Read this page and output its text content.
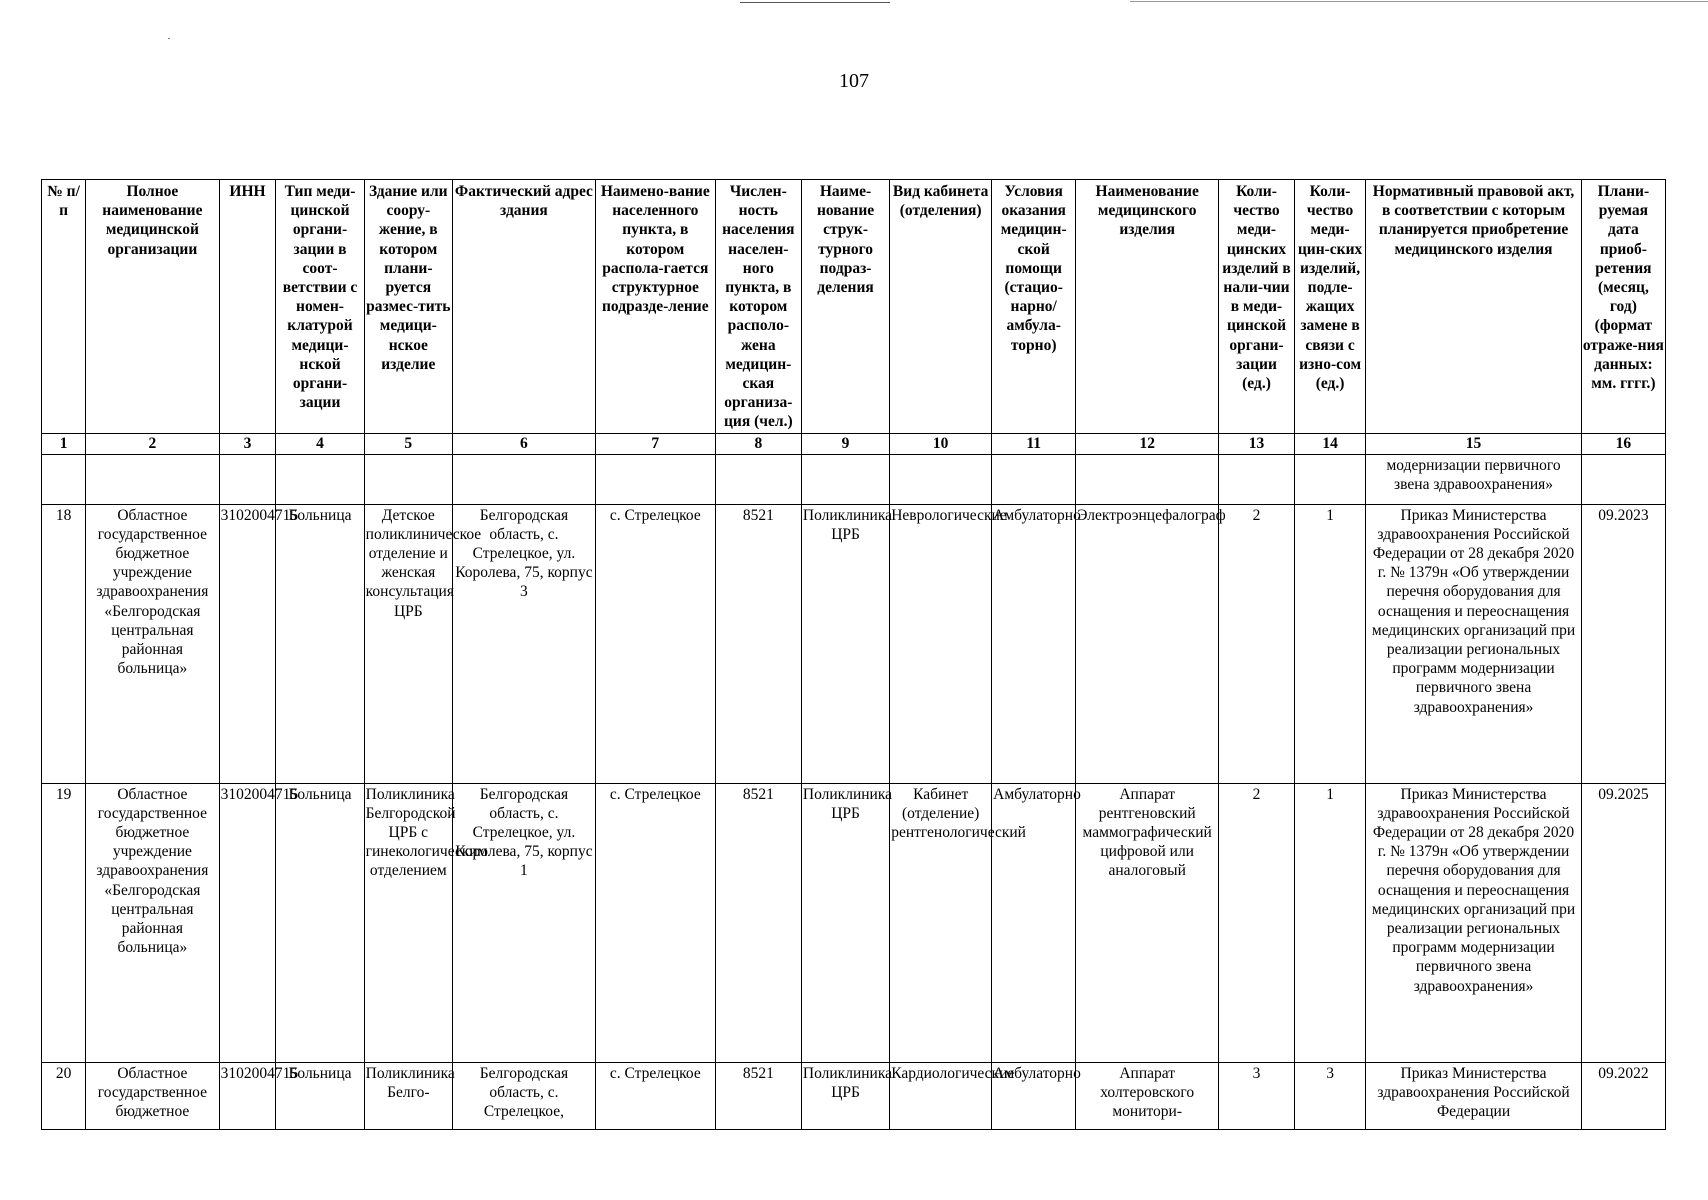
107
№ п/п	Полное наименование медицинской организации	ИНН	Тип меди-цинской органи-зации в соот-ветствии с номен-клатурой медици-нской органи-зации	Здание или соору-жение, в котором плани-руется размес-тить медици-нское изделие	Фактический адрес здания	Наимено-вание населенного пункта, в котором распола-гается структурное подразде-ление	Числен-ность населения населен-ного пункта, в котором располо-жена медицин-ская организа-ция (чел.)	Наиме-нование струк-турного подраз-деления	Вид кабинета (отделения)	Условия оказания медицин-ской помощи (стацио-нарно/ амбула-торно)	Наименование медицинского изделия	Коли-чество меди-цинских изделий в нали-чии в меди-цинской органи-зации (ед.)	Коли-чество меди-цин-ских изделий, подле-жащих замене в связи с изно-сом (ед.)	Нормативный правовой акт, в соответствии с которым планируется приобретение медицинского изделия	Плани-руемая дата приоб-ретения (месяц, год) (формат отраже-ния данных: мм. гггг.)
1	2	3	4	5	6	7	8	9	10	11	12	13	14	15	16
														модернизации первичного звена здравоохранения»	
18	Областное государственное бюджетное учреждение здравоохранения «Белгородская центральная районная больница»	3102004715	Больница	Детское поликлиническое отделение и женская консультация ЦРБ	Белгородская область, с. Стрелецкое, ул. Королева, 75, корпус 3	с. Стрелецкое	8521	Поликлиника ЦРБ	Неврологические	Амбулаторно	Электроэнцефалограф	2	1	Приказ Министерства здравоохранения Российской Федерации от 28 декабря 2020 г. № 1379н «Об утверждении перечня оборудования для оснащения и переоснащения медицинских организаций при реализации региональных программ модернизации первичного звена здравоохранения»	09.2023
19	Областное государственное бюджетное учреждение здравоохранения «Белгородская центральная районная больница»	3102004715	Больница	Поликлиника Белгородской ЦРБ с гинекологическим отделением	Белгородская область, с. Стрелецкое, ул. Королева, 75, корпус 1	с. Стрелецкое	8521	Поликлиника ЦРБ	Кабинет (отделение) рентгенологический	Амбулаторно	Аппарат рентгеновский маммографический цифровой или аналоговый	2	1	Приказ Министерства здравоохранения Российской Федерации от 28 декабря 2020 г. № 1379н «Об утверждении перечня оборудования для оснащения и переоснащения медицинских организаций при реализации региональных программ модернизации первичного звена здравоохранения»	09.2025
20	Областное государственное бюджетное	3102004715	Больница	Поликлиника Белго-	Белгородская область, с. Стрелецкое,	с. Стрелецкое	8521	Поликлиника ЦРБ	Кардиологические	Амбулаторно	Аппарат холтеровского монитори-	3	3	Приказ Министерства здравоохранения Российской Федерации	09.2022
